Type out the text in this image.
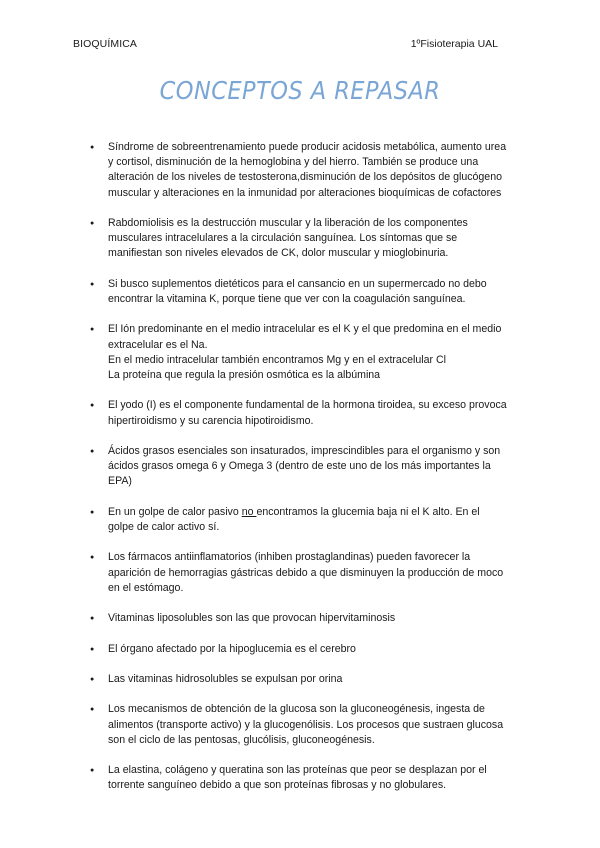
BIOQUÍMICA	1ºFisioterapia UAL
CONCEPTOS A REPASAR
● Síndrome de sobreentrenamiento puede producir acidosis metabólica, aumento urea
y cortisol, disminución de la hemoglobina y del hierro. También se produce una
alteración de los niveles de testosterona,disminución de los depósitos de glucógeno
muscular y alteraciones en la inmunidad por alteraciones bioquímicas de cofactores
● Rabdomiolisis es la destrucción muscular y la liberación de los componentes
musculares intracelulares a la circulación sanguínea. Los síntomas que se
manifiestan son niveles elevados de CK, dolor muscular y mioglobinuria.
● Si busco suplementos dietéticos para el cansancio en un supermercado no debo
encontrar la vitamina K, porque tiene que ver con la coagulación sanguínea.
● El Ión predominante en el medio intracelular es el K y el que predomina en el medio
extracelular es el Na.
En el medio intracelular también encontramos Mg y en el extracelular Cl
La proteína que regula la presión osmótica es la albúmina
● El yodo (I) es el componente fundamental de la hormona tiroidea, su exceso provoca
hipertiroidismo y su carencia hipotiroidismo.
● Ácidos grasos esenciales son insaturados, imprescindibles para el organismo y son
ácidos grasos omega 6 y Omega 3 (dentro de este uno de los más importantes la
EPA)
● En un golpe de calor pasivo no encontramos la glucemia baja ni el K alto. En el
golpe de calor activo sí.
● Los fármacos antiinflamatorios (inhiben prostaglandinas) pueden favorecer la
aparición de hemorragias gástricas debido a que disminuyen la producción de moco
en el estómago.
● Vitaminas liposolubles son las que provocan hipervitaminosis
● El órgano afectado por la hipoglucemia es el cerebro
● Las vitaminas hidrosolubles se expulsan por orina
● Los mecanismos de obtención de la glucosa son la gluconeogénesis, ingesta de
alimentos (transporte activo) y la glucogenólisis. Los procesos que sustraen glucosa
son el ciclo de las pentosas, glucólisis, gluconeogénesis.
● La elastina, colágeno y queratina son las proteínas que peor se desplazan por el
torrente sanguíneo debido a que son proteínas fibrosas y no globulares.
